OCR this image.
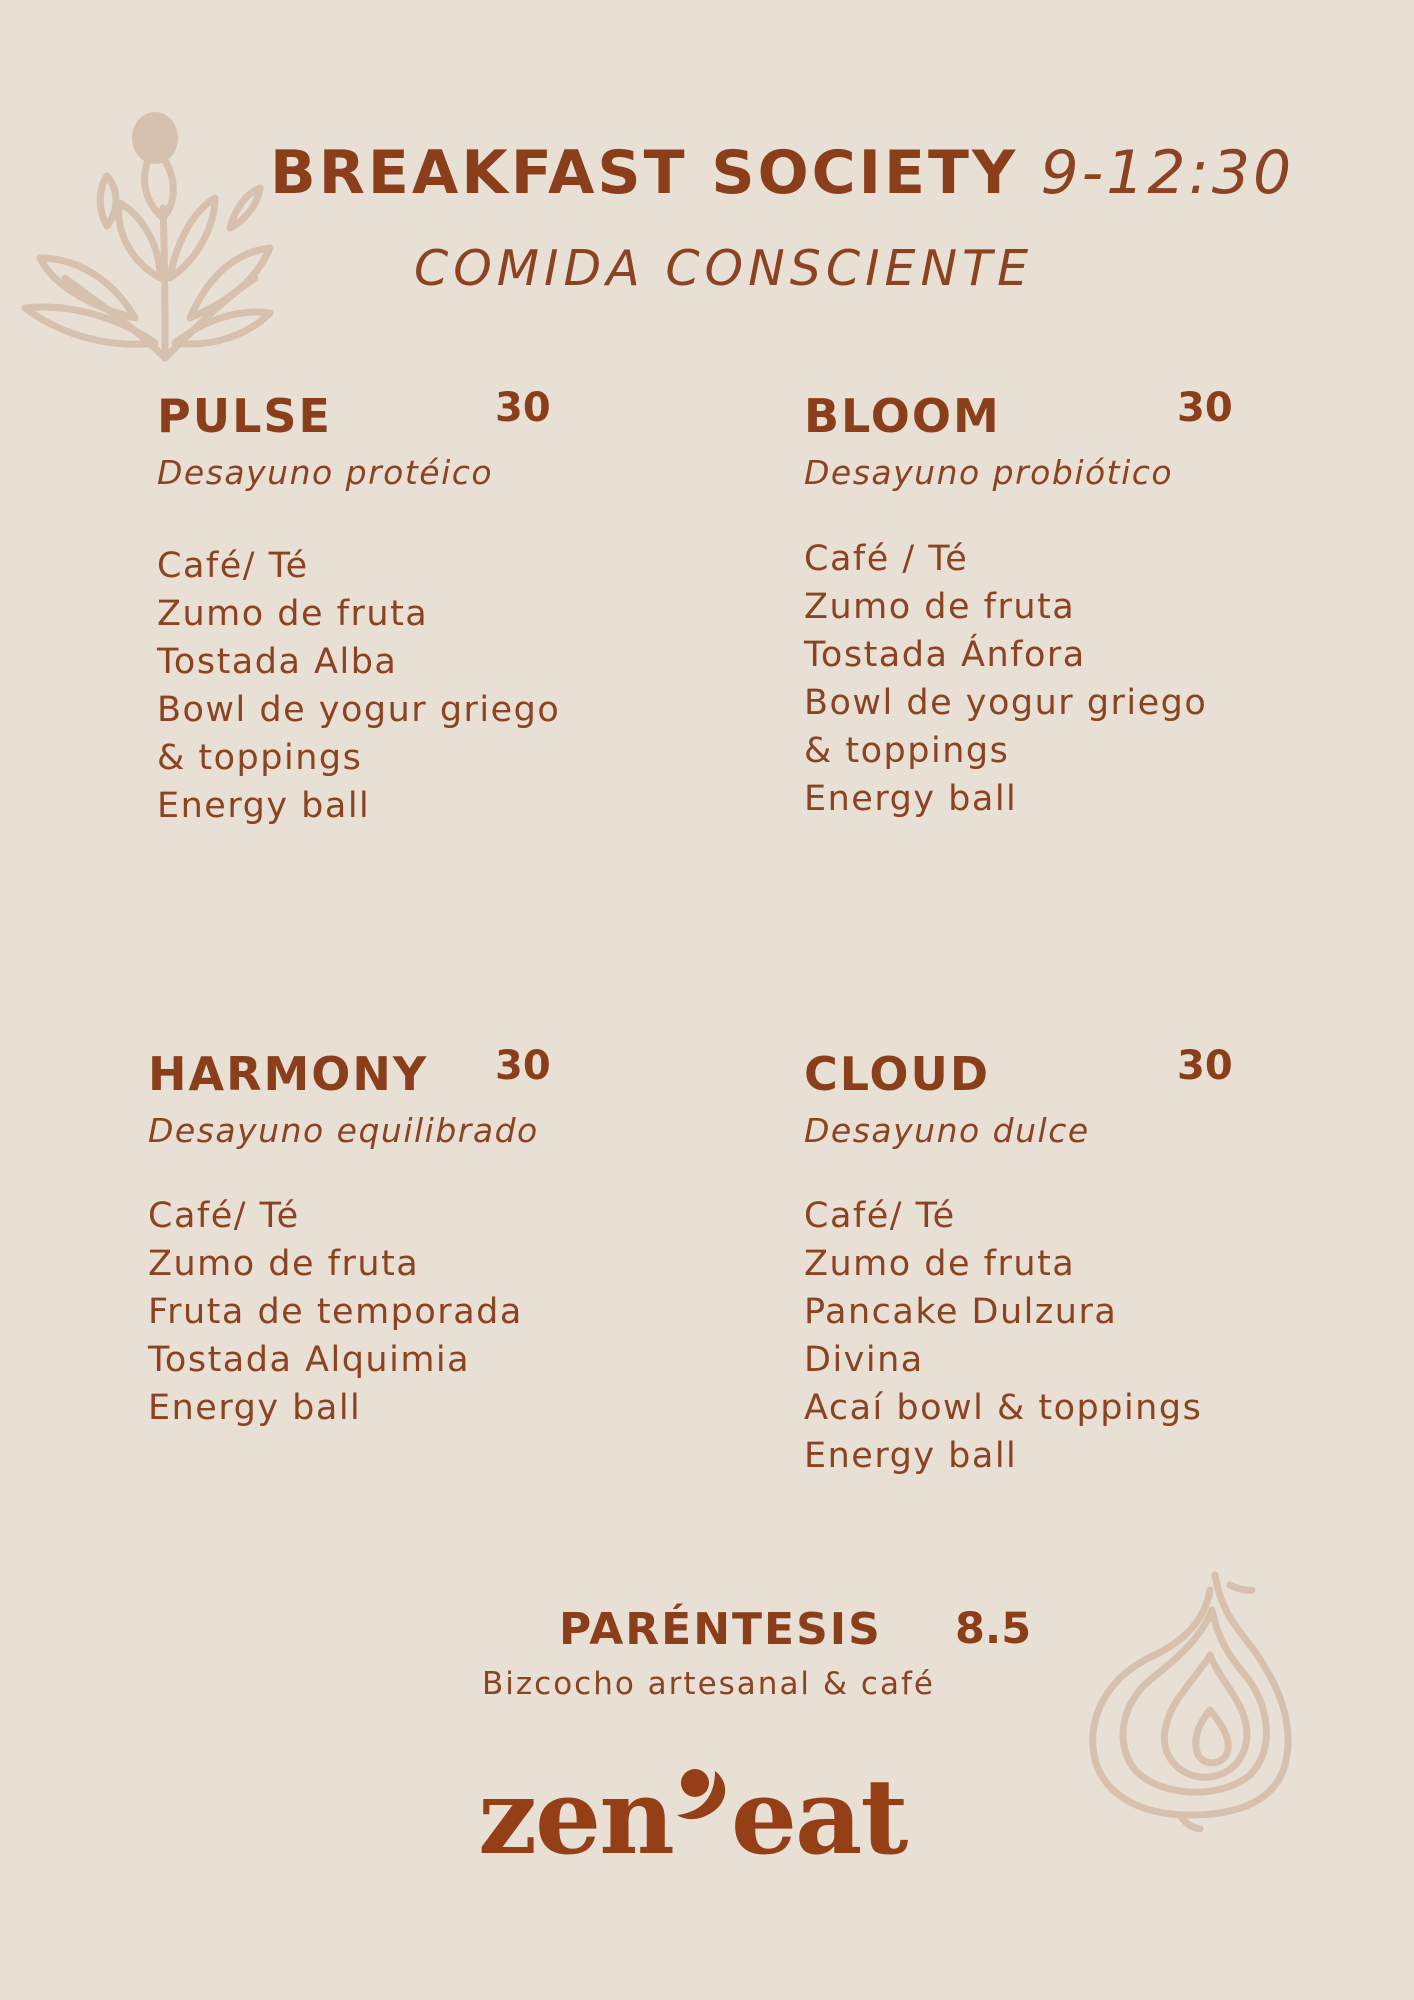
BREAKFAST SOCIETY 9-12:30
COMIDA CONSCIENTE
PULSE	30
Desayuno protéico
Café/ Té
Zumo de fruta
Tostada Alba
Bowl de yogur griego
& toppings
Energy ball
BLOOM	30
Desayuno probiótico
Café / Té
Zumo de fruta
Tostada Ánfora
Bowl de yogur griego
& toppings
Energy ball
HARMONY 30
Desayuno equilibrado
Café/ Té
Zumo de fruta
Fruta de temporada
Tostada Alquimia
Energy ball
CLOUD	30
Desayuno dulce
Café/ Té
Zumo de fruta
Pancake Dulzura
Divina
Acaí bowl & toppings
Energy ball
PARÉNTESIS 8.5
Bizcocho artesanal & café
zen eat
